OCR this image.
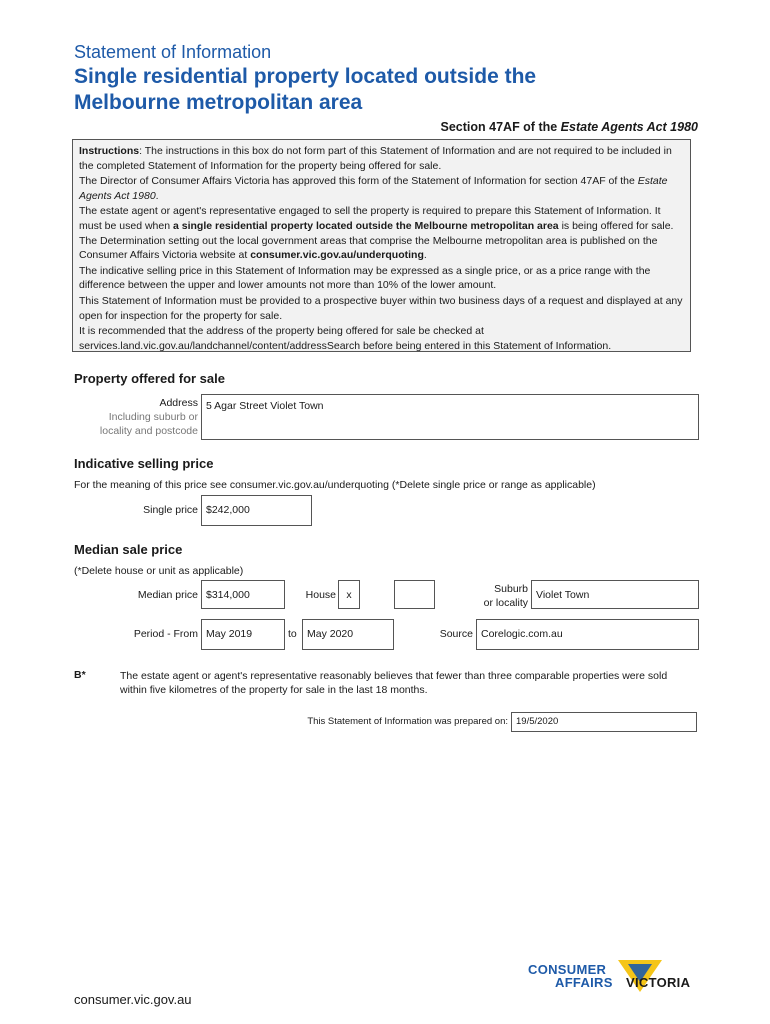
Statement of Information
Single residential property located outside the
Melbourne metropolitan area
Section 47AF of the Estate Agents Act 1980

Instructions: The instructions in this box do not form part of this Statement of Information and are not required to be included in the completed Statement of Information for the property being offered for sale.

The Director of Consumer Affairs Victoria has approved this form of the Statement of Information for section 47AF of the Estate Agents Act 1980.

The estate agent or agent's representative engaged to sell the property is required to prepare this Statement of Information. It must be used when a single residential property located outside the Melbourne metropolitan area is being offered for sale. The Determination setting out the local government areas that comprise the Melbourne metropolitan area is published on the Consumer Affairs Victoria website at consumer.vic.gov.au/underquoting.

The indicative selling price in this Statement of Information may be expressed as a single price, or as a price range with the difference between the upper and lower amounts not more than 10% of the lower amount.

This Statement of Information must be provided to a prospective buyer within two business days of a request and displayed at any open for inspection for the property for sale.

It is recommended that the address of the property being offered for sale be checked at services.land.vic.gov.au/landchannel/content/addressSearch before being entered in this Statement of Information.

Property offered for sale
Address
Including suburb or
locality and postcode
5 Agar Street Violet Town
Indicative selling price
For the meaning of this price see consumer.vic.gov.au/underquoting (*Delete single price or range as applicable)
Single price $242,000
Median sale price
(*Delete house or unit as applicable)
Median price $314,000	House x	Suburb
or locality
Violet Town
Period - From May 2019	to May 2020	Source Corelogic.com.au
B*	The estate agent or agent's representative reasonably believes that fewer than three comparable properties were sold within five kilometres of the property for sale in the last 18 months.
This Statement of Information was prepared on: 19/5/2020
CONSUMER
AFFAIRS VICTORIA
consumer.vic.gov.au
